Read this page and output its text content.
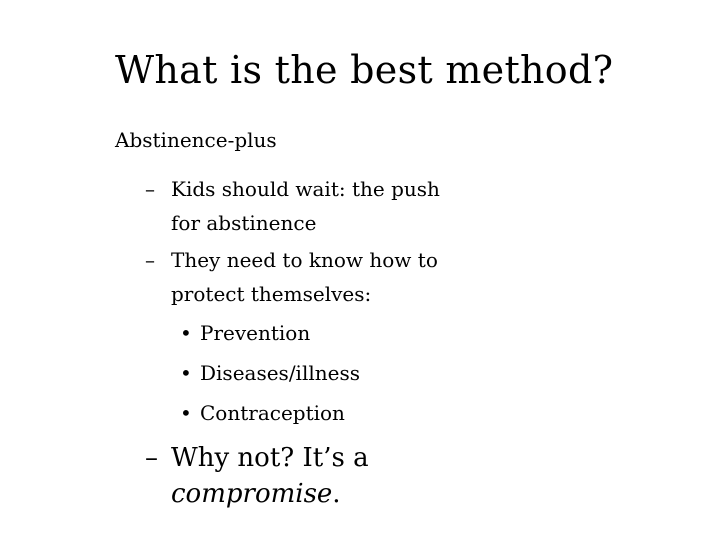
What is the best method?
Abstinence-plus
– Kids should wait: the push
for abstinence
– They need to know how to
protect themselves:
• Prevention
• Diseases/illness
• Contraception
– Why not? It’s a
compromise.
